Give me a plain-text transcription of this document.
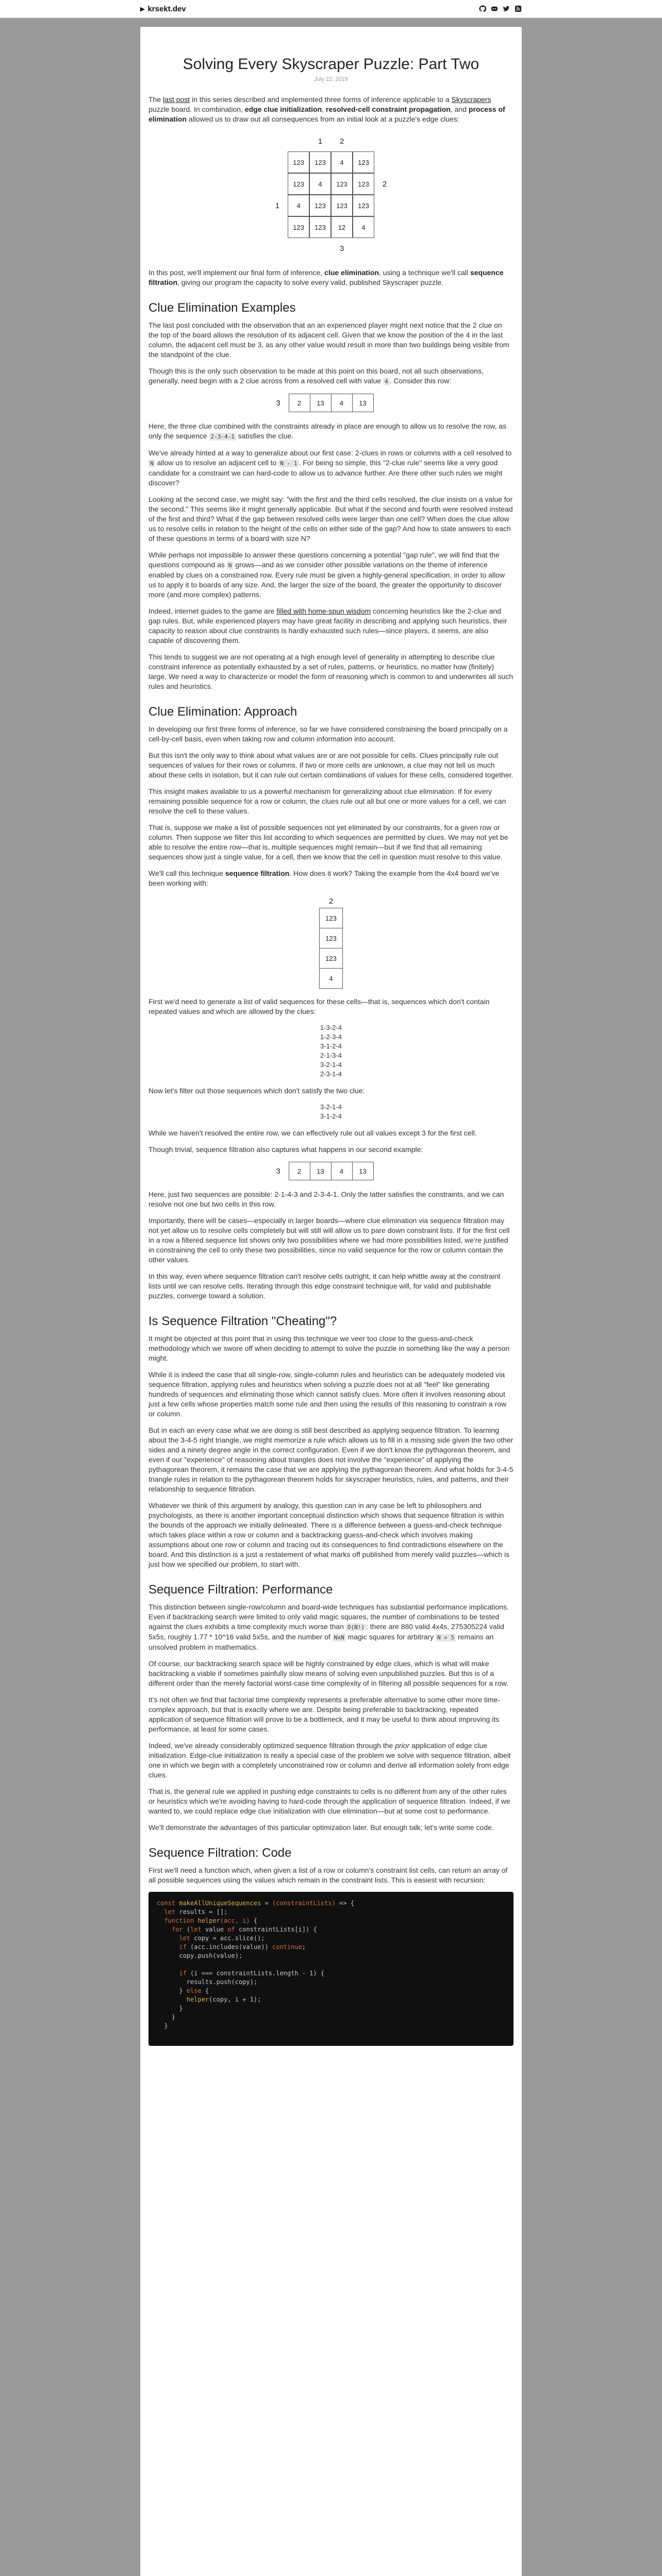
▶ krsekt.dev
Solving Every Skyscraper Puzzle: Part Two
July 22, 2019

The last post in this series described and implemented three forms of inference applicable to a Skyscrapers puzzle board. In combination, edge clue initialization, resolved-cell constraint propagation, and process of elimination allowed us to draw out all consequences from an initial look at a puzzle's edge clues:

		1	2		
	123	123	4	123	
	123	4	123	123	2
1	4	123	123	123	
	123	123	12	4	
			3		

In this post, we'll implement our final form of inference, clue elimination, using a technique we'll call sequence filtration, giving our program the capacity to solve every valid, published Skyscraper puzzle.

Clue Elimination Examples

The last post concluded with the observation that an an experienced player might next notice that the 2 clue on the top of the board allows the resolution of its adjacent cell. Given that we know the position of the 4 in the last column, the adjacent cell must be 3, as any other value would result in more than two buildings being visible from the standpoint of the clue.

Though this is the only such observation to be made at this point on this board, not all such observations, generally, need begin with a 2 clue across from a resolved cell with value 4 . Consider this row:

3	2	13	4	13

Here, the three clue combined with the constraints already in place are enough to allow us to resolve the row, as only the sequence 2-3-4-1 satisfies the clue.

We've already hinted at a way to generalize about our first case: 2-clues in rows or columns with a cell resolved to N allow us to resolve an adjacent cell to N - 1 . For being so simple, this "2-clue rule" seems like a very good candidate for a constraint we can hard-code to allow us to advance further. Are there other such rules we might discover?

Looking at the second case, we might say: "with the first and the third cells resolved, the clue insists on a value for the second." This seems like it might generally applicable. But what if the second and fourth were resolved instead of the first and third? What if the gap between resolved cells were larger than one cell? When does the clue allow us to resolve cells in relation to the height of the cells on either side of the gap? And how to state answers to each of these questions in terms of a board with size N?

While perhaps not impossible to answer these questions concerning a potential "gap rule", we will find that the questions compound as N grows—and as we consider other possible variations on the theme of inference enabled by clues on a constrained row. Every rule must be given a highly-general specification, in order to allow us to apply it to boards of any size. And, the larger the size of the board, the greater the opportunity to discover more (and more complex) patterns.

Indeed, internet guides to the game are filled with home-spun wisdom concerning heuristics like the 2-clue and gap rules. But, while experienced players may have great facility in describing and applying such heuristics, their capacity to reason about clue constraints is hardly exhausted such rules—since players, it seems, are also capable of discovering them.

This tends to suggest we are not operating at a high enough level of generality in attempting to describe clue constraint inference as potentially exhausted by a set of rules, patterns, or heuristics, no matter how (finitely) large. We need a way to characterize or model the form of reasoning which is common to and underwrites all such rules and heuristics.

Clue Elimination: Approach

In developing our first three forms of inference, so far we have considered constraining the board principally on a cell-by-cell basis, even when taking row and column information into account.

But this isn't the only way to think about what values are or are not possible for cells. Clues principally rule out sequences of values for their rows or columns. If two or more cells are unknown, a clue may not tell us much about these cells in isolation, but it can rule out certain combinations of values for these cells, considered together.

This insight makes available to us a powerful mechanism for generalizing about clue elimination. If for every remaining possible sequence for a row or column, the clues rule out all but one or more values for a cell, we can resolve the cell to these values.

That is, suppose we make a list of possible sequences not yet eliminated by our constraints, for a given row or column. Then suppose we filter this list according to which sequences are permitted by clues. We may not yet be able to resolve the entire row—that is, multiple sequences might remain—but if we find that all remaining sequences show just a single value, for a cell, then we know that the cell in question must resolve to this value.

We'll call this technique sequence filtration. How does it work? Taking the example from the 4x4 board we've been working with:

2
123
123
123
4

First we'd need to generate a list of valid sequences for these cells—that is, sequences which don't contain repeated values and which are allowed by the clues:

1-3-2-4
1-2-3-4
3-1-2-4
2-1-3-4
3-2-1-4
2-3-1-4

Now let's filter out those sequences which don't satisfy the two clue:

3-2-1-4
3-1-2-4

While we haven't resolved the entire row, we can effectively rule out all values except 3 for the first cell.

Though trivial, sequence filtration also captures what happens in our second example:

3	2	13	4	13

Here, just two sequences are possible: 2-1-4-3 and 2-3-4-1. Only the latter satisfies the constraints, and we can resolve not one but two cells in this row.

Importantly, there will be cases—especially in larger boards—where clue elimination via sequence filtration may not yet allow us to resolve cells completely but will still will allow us to pare down constraint lists. If for the first cell in a row a filtered sequence list shows only two possibilities where we had more possibilities listed, we're justified in constraining the cell to only these two possibilities, since no valid sequence for the row or column contain the other values.

In this way, even where sequence filtration can't resolve cells outright, it can help whittle away at the constraint lists until we can resolve cells. Iterating through this edge constraint technique will, for valid and publishable puzzles, converge toward a solution.

Is Sequence Filtration "Cheating"?

It might be objected at this point that in using this technique we veer too close to the guess-and-check methodology which we swore off when deciding to attempt to solve the puzzle in something like the way a person might.

While it is indeed the case that all single-row, single-column rules and heuristics can be adequately modeled via sequence filtration, applying rules and heuristics when solving a puzzle does not at all "feel" like generating hundreds of sequences and eliminating those which cannot satisfy clues. More often it involves reasoning about just a few cells whose properties match some rule and then using the results of this reasoning to constrain a row or column.

But in each an every case what we are doing is still best described as applying sequence filtration. To learning about the 3-4-5 right triangle, we might memorize a rule which allows us to fill in a missing side given the two other sides and a ninety degree angle in the correct configuration. Even if we don't know the pythagorean theorem, and even if our "experience" of reasoning about triangles does not involve the "experience" of applying the pythagorean theorem, it remains the case that we are applying the pythagorean theorem. And what holds for 3-4-5 triangle rules in relation to the pythagorean theorem holds for skyscraper heuristics, rules, and patterns, and their relationship to sequence filtration.

Whatever we think of this argument by analogy, this question can in any case be left to philosophers and psychologists, as there is another important conceptual distinction which shows that sequence filtration is within the bounds of the approach we initially delineated. There is a difference between a guess-and-check technique which takes place within a row or column and a backtracking guess-and-check which involves making assumptions about one row or column and tracing out its consequences to find contradictions elsewhere on the board. And this distinction is a just a restatement of what marks off published from merely valid puzzles—which is just how we specified our problem, to start with.

Sequence Filtration: Performance

This distinction between single-row/column and board-wide techniques has substantial performance implications. Even if backtracking search were limited to only valid magic squares, the number of combinations to be tested against the clues exhibits a time complexity much worse than O(N!) : there are 880 valid 4x4s, 275305224 valid 5x5s, roughly 1.77 * 10^16 valid 5x5s, and the number of NxN magic squares for arbitrary N > 5 remains an unsolved problem in mathematics.

Of course, our backtracking search space will be highly constrained by edge clues, which is what will make backtracking a viable if sometimes painfully slow means of solving even unpublished puzzles. But this is of a different order than the merely factorial worst-case time complexity of in filtering all possible sequences for a row.

It's not often we find that factorial time complexity represents a preferable alternative to some other more time-complex approach, but that is exactly where we are. Despite being preferable to backtracking, repeated application of sequence filtration will prove to be a bottleneck, and it may be useful to think about improving its performance, at least for some cases.

Indeed, we've already considerably optimized sequence filtration through the prior application of edge clue initialization. Edge-clue initialization is really a special case of the problem we solve with sequence filtration, albeit one in which we begin with a completely unconstrained row or column and derive all information solely from edge clues.

That is, the general rule we applied in pushing edge constraints to cells is no different from any of the other rules or heuristics which we're avoiding having to hard-code through the application of sequence filtration. Indeed, if we wanted to, we could replace edge clue initialization with clue elimination—but at some cost to performance.

We'll demonstrate the advantages of this particular optimization later. But enough talk; let's write some code.

Sequence Filtration: Code

First we'll need a function which, when given a list of a row or column's constraint list cells, can return an array of all possible sequences using the values which remain in the constraint lists. This is easiest with recursion:

const makeAllUniqueSequences = (constraintLists) => {
let results = [];
function helper(acc, i) {
for (let value of constraintLists[i]) {
let copy = acc.slice();
if (acc.includes(value)) continue;
copy.push(value);

if (i === constraintLists.length - 1) {
results.push(copy);
} else {
helper(copy, i + 1);
}
}
}
